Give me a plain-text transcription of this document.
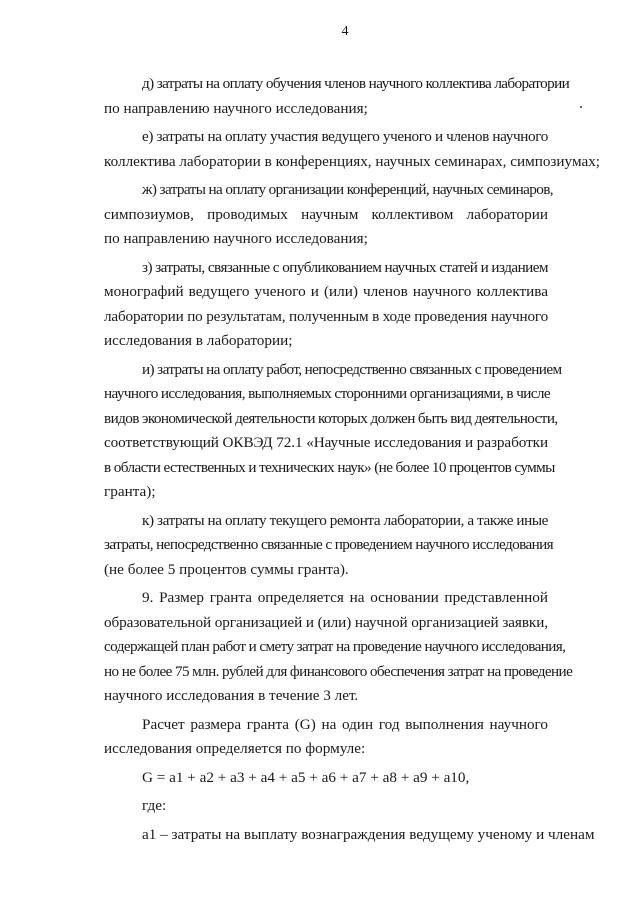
4
д) затраты на оплату обучения членов научного коллектива лаборатории
по направлению научного исследования;
е) затраты на оплату участия ведущего ученого и членов научного
коллектива лаборатории в конференциях, научных семинарах, симпозиумах;
ж) затраты на оплату организации конференций, научных семинаров,
симпозиумов, проводимых научным коллективом лаборатории
по направлению научного исследования;
з) затраты, связанные с опубликованием научных статей и изданием
монографий ведущего ученого и (или) членов научного коллектива
лаборатории по результатам, полученным в ходе проведения научного
исследования в лаборатории;
и) затраты на оплату работ, непосредственно связанных с проведением
научного исследования, выполняемых сторонними организациями, в числе
видов экономической деятельности которых должен быть вид деятельности,
соответствующий ОКВЭД 72.1 «Научные исследования и разработки
в области естественных и технических наук» (не более 10 процентов суммы
гранта);
к) затраты на оплату текущего ремонта лаборатории, а также иные
затраты, непосредственно связанные с проведением научного исследования
(не более 5 процентов суммы гранта).
9. Размер гранта определяется на основании представленной
образовательной организацией и (или) научной организацией заявки,
содержащей план работ и смету затрат на проведение научного исследования,
но не более 75 млн. рублей для финансового обеспечения затрат на проведение
научного исследования в течение 3 лет.
Расчет размера гранта (G) на один год выполнения научного
исследования определяется по формуле:
G = a1 + a2 + a3 + a4 + a5 + a6 + a7 + a8 + a9 + a10,
где:
а1 – затраты на выплату вознаграждения ведущему ученому и членам
